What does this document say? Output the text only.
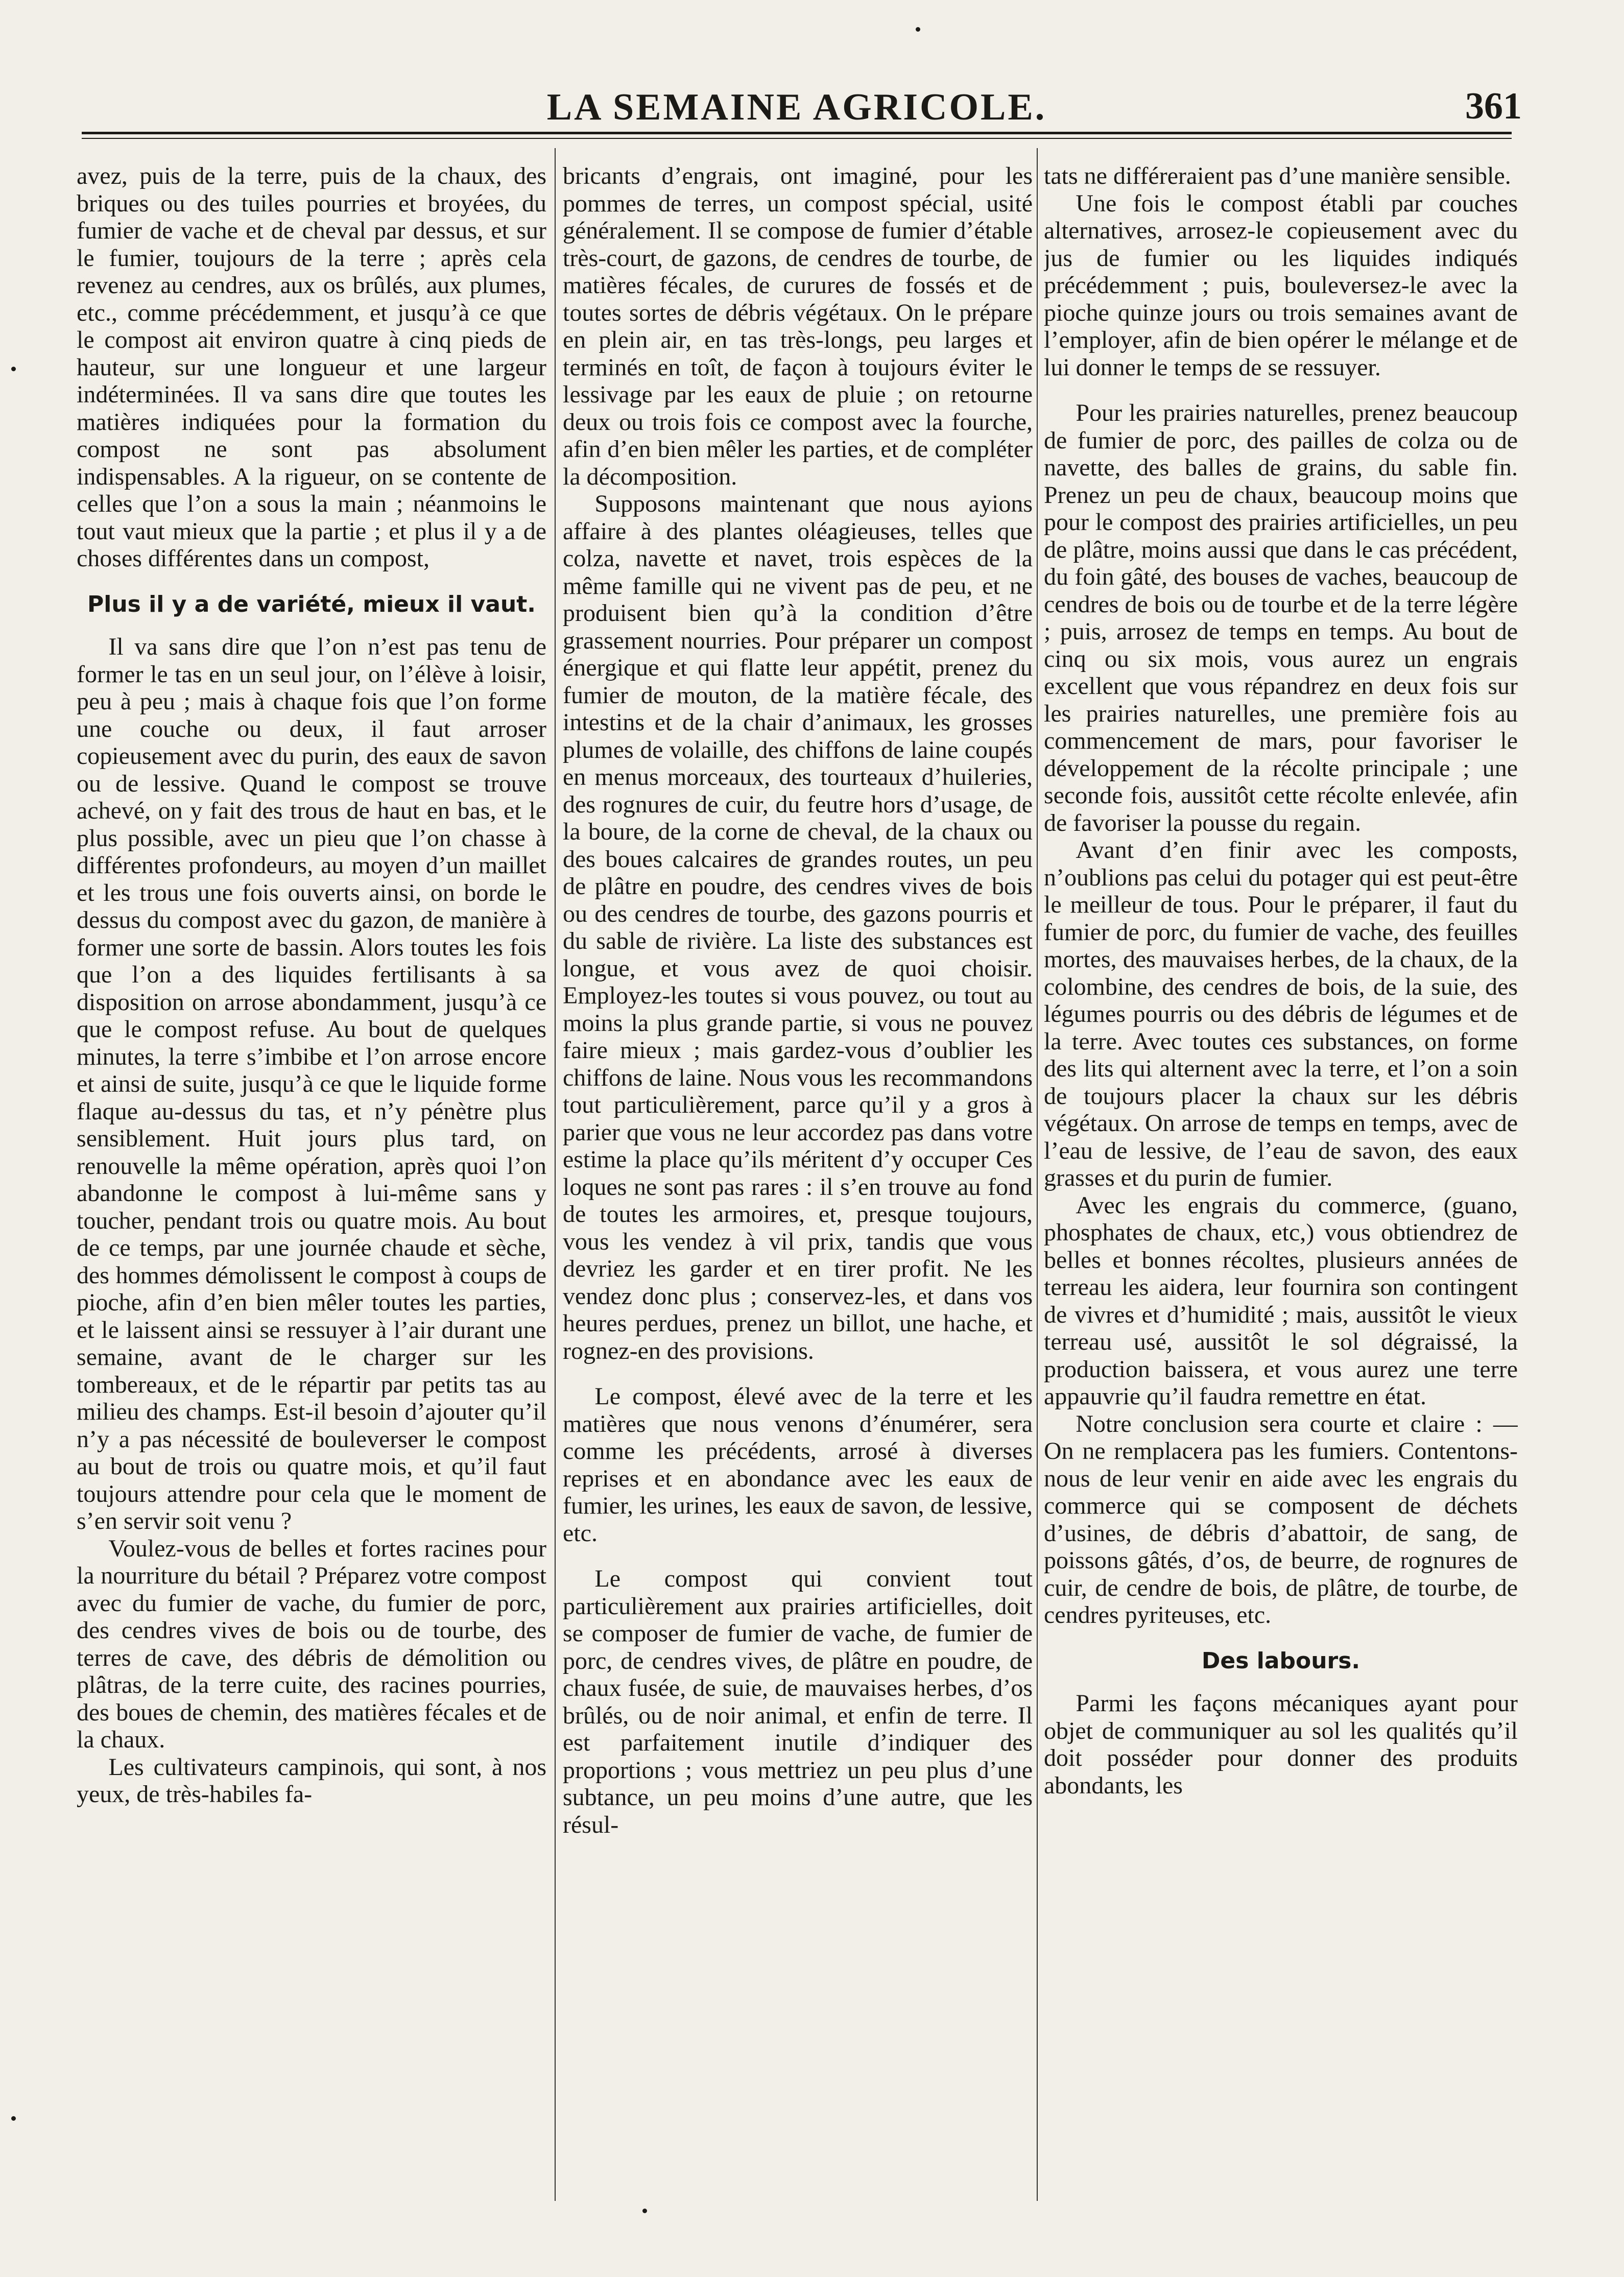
LA SEMAINE AGRICOLE.	361

avez, puis de la terre, puis de la chaux, des briques ou des tuiles pourries et broyées, du fumier de vache et de cheval par dessus, et sur le fumier, toujours de la terre ; après cela revenez au cendres, aux os brûlés, aux plumes, etc., comme précédemment, et jusqu’à ce que le compost ait environ quatre à cinq pieds de hauteur, sur une longueur et une largeur indéterminées. Il va sans dire que toutes les matières indiquées pour la formation du compost ne sont pas absolument indispensables. A la rigueur, on se contente de celles que l’on a sous la main ; néanmoins le tout vaut mieux que la partie ; et plus il y a de choses différentes dans un compost,

Plus il y a de variété, mieux il vaut.

Il va sans dire que l’on n’est pas tenu de former le tas en un seul jour, on l’élève à loisir, peu à peu ; mais à chaque fois que l’on forme une couche ou deux, il faut arroser copieusement avec du purin, des eaux de savon ou de lessive. Quand le compost se trouve achevé, on y fait des trous de haut en bas, et le plus possible, avec un pieu que l’on chasse à différentes profondeurs, au moyen d’un maillet et les trous une fois ouverts ainsi, on borde le dessus du compost avec du gazon, de manière à former une sorte de bassin. Alors toutes les fois que l’on a des liquides fertilisants à sa disposition on arrose abondamment, jusqu’à ce que le compost refuse. Au bout de quelques minutes, la terre s’imbibe et l’on arrose encore et ainsi de suite, jusqu’à ce que le liquide forme flaque au-dessus du tas, et n’y pénètre plus sensiblement. Huit jours plus tard, on renouvelle la même opération, après quoi l’on abandonne le compost à lui-même sans y toucher, pendant trois ou quatre mois. Au bout de ce temps, par une journée chaude et sèche, des hommes démolissent le compost à coups de pioche, afin d’en bien mêler toutes les parties, et le laissent ainsi se ressuyer à l’air durant une semaine, avant de le charger sur les tombereaux, et de le répartir par petits tas au milieu des champs. Est-il besoin d’ajouter qu’il n’y a pas nécessité de bouleverser le compost au bout de trois ou quatre mois, et qu’il faut toujours attendre pour cela que le moment de s’en servir soit venu ?

Voulez-vous de belles et fortes racines pour la nourriture du bétail ? Préparez votre compost avec du fumier de vache, du fumier de porc, des cendres vives de bois ou de tourbe, des terres de cave, des débris de démolition ou plâtras, de la terre cuite, des racines pourries, des boues de chemin, des matières fécales et de la chaux.

Les cultivateurs campinois, qui sont, à nos yeux, de très-habiles fa-

bricants d’engrais, ont imaginé, pour les pommes de terres, un compost spécial, usité généralement. Il se compose de fumier d’étable très-court, de gazons, de cendres de tourbe, de matières fécales, de curures de fossés et de toutes sortes de débris végétaux. On le prépare en plein air, en tas très-longs, peu larges et terminés en toît, de façon à toujours éviter le lessivage par les eaux de pluie ; on retourne deux ou trois fois ce compost avec la fourche, afin d’en bien mêler les parties, et de compléter la décomposition.

Supposons maintenant que nous ayions affaire à des plantes oléagieuses, telles que colza, navette et navet, trois espèces de la même famille qui ne vivent pas de peu, et ne produisent bien qu’à la condition d’être grassement nourries. Pour préparer un compost énergique et qui flatte leur appétit, prenez du fumier de mouton, de la matière fécale, des intestins et de la chair d’animaux, les grosses plumes de volaille, des chiffons de laine coupés en menus morceaux, des tourteaux d’huileries, des rognures de cuir, du feutre hors d’usage, de la boure, de la corne de cheval, de la chaux ou des boues calcaires de grandes routes, un peu de plâtre en poudre, des cendres vives de bois ou des cendres de tourbe, des gazons pourris et du sable de rivière. La liste des substances est longue, et vous avez de quoi choisir. Employez-les toutes si vous pouvez, ou tout au moins la plus grande partie, si vous ne pouvez faire mieux ; mais gardez-vous d’oublier les chiffons de laine. Nous vous les recommandons tout particulièrement, parce qu’il y a gros à parier que vous ne leur accordez pas dans votre estime la place qu’ils méritent d’y occuper Ces loques ne sont pas rares : il s’en trouve au fond de toutes les armoires, et, presque toujours, vous les vendez à vil prix, tandis que vous devriez les garder et en tirer profit. Ne les vendez donc plus ; conservez-les, et dans vos heures perdues, prenez un billot, une hache, et rognez-en des provisions.

Le compost, élevé avec de la terre et les matières que nous venons d’énumérer, sera comme les précédents, arrosé à diverses reprises et en abondance avec les eaux de fumier, les urines, les eaux de savon, de lessive, etc.

Le compost qui convient tout particulièrement aux prairies artificielles, doit se composer de fumier de vache, de fumier de porc, de cendres vives, de plâtre en poudre, de chaux fusée, de suie, de mauvaises herbes, d’os brûlés, ou de noir animal, et enfin de terre. Il est parfaitement inutile d’indiquer des proportions ; vous mettriez un peu plus d’une subtance, un peu moins d’une autre, que les résul-

tats ne différeraient pas d’une manière sensible.

Une fois le compost établi par couches alternatives, arrosez-le copieusement avec du jus de fumier ou les liquides indiqués précédemment ; puis, bouleversez-le avec la pioche quinze jours ou trois semaines avant de l’employer, afin de bien opérer le mélange et de lui donner le temps de se ressuyer.

Pour les prairies naturelles, prenez beaucoup de fumier de porc, des pailles de colza ou de navette, des balles de grains, du sable fin. Prenez un peu de chaux, beaucoup moins que pour le compost des prairies artificielles, un peu de plâtre, moins aussi que dans le cas précédent, du foin gâté, des bouses de vaches, beaucoup de cendres de bois ou de tourbe et de la terre légère ; puis, arrosez de temps en temps. Au bout de cinq ou six mois, vous aurez un engrais excellent que vous répandrez en deux fois sur les prairies naturelles, une première fois au commencement de mars, pour favoriser le développement de la récolte principale ; une seconde fois, aussitôt cette récolte enlevée, afin de favoriser la pousse du regain.

Avant d’en finir avec les composts, n’oublions pas celui du potager qui est peut-être le meilleur de tous. Pour le préparer, il faut du fumier de porc, du fumier de vache, des feuilles mortes, des mauvaises herbes, de la chaux, de la colombine, des cendres de bois, de la suie, des légumes pourris ou des débris de légumes et de la terre. Avec toutes ces substances, on forme des lits qui alternent avec la terre, et l’on a soin de toujours placer la chaux sur les débris végétaux. On arrose de temps en temps, avec de l’eau de lessive, de l’eau de savon, des eaux grasses et du purin de fumier.

Avec les engrais du commerce, (guano, phosphates de chaux, etc,) vous obtiendrez de belles et bonnes récoltes, plusieurs années de terreau les aidera, leur fournira son contingent de vivres et d’humidité ; mais, aussitôt le vieux terreau usé, aussitôt le sol dégraissé, la production baissera, et vous aurez une terre appauvrie qu’il faudra remettre en état.

Notre conclusion sera courte et claire : — On ne remplacera pas les fumiers. Contentons-nous de leur venir en aide avec les engrais du commerce qui se composent de déchets d’usines, de débris d’abattoir, de sang, de poissons gâtés, d’os, de beurre, de rognures de cuir, de cendre de bois, de plâtre, de tourbe, de cendres pyriteuses, etc.

Des labours.

Parmi les façons mécaniques ayant pour objet de communiquer au sol les qualités qu’il doit posséder pour donner des produits abondants, les
